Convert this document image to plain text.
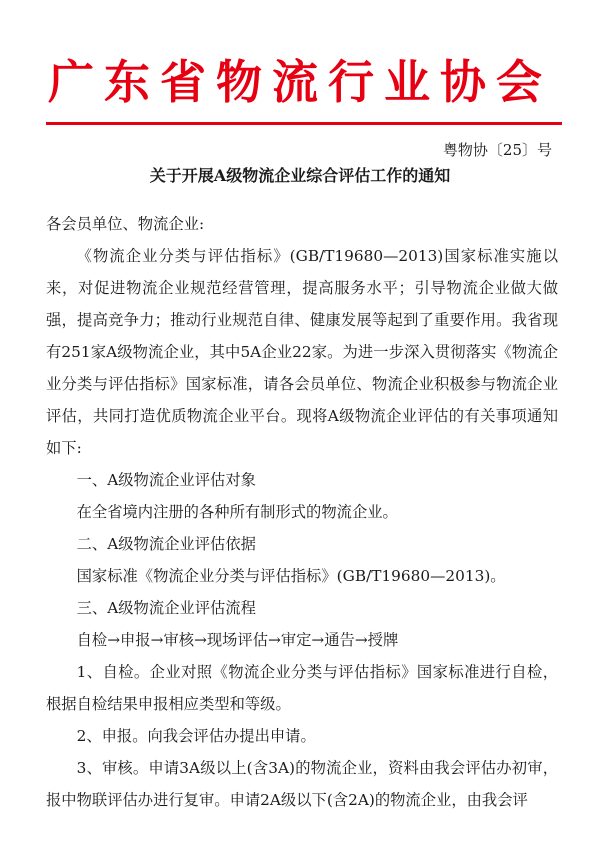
广东省物流行业协会
粤物协〔25〕号
关于开展A级物流企业综合评估工作的通知

各会员单位、物流企业:

《物流企业分类与评估指标》(GB/T19680—2013)国家标准实施以来，对促进物流企业规范经营管理，提高服务水平；引导物流企业做大做强，提高竞争力；推动行业规范自律、健康发展等起到了重要作用。我省现有251家A级物流企业，其中5A企业22家。为进一步深入贯彻落实《物流企业分类与评估指标》国家标准，请各会员单位、物流企业积极参与物流企业评估，共同打造优质物流企业平台。现将A级物流企业评估的有关事项通知如下:

一、A级物流企业评估对象

在全省境内注册的各种所有制形式的物流企业。

二、A级物流企业评估依据

国家标准《物流企业分类与评估指标》(GB/T19680—2013)。

三、A级物流企业评估流程

自检→申报→审核→现场评估→审定→通告→授牌

1、自检。企业对照《物流企业分类与评估指标》国家标准进行自检，根据自检结果申报相应类型和等级。

2、申报。向我会评估办提出申请。

3、审核。申请3A级以上(含3A)的物流企业，资料由我会评估办初审，报中物联评估办进行复审。申请2A级以下(含2A)的物流企业，由我会评
